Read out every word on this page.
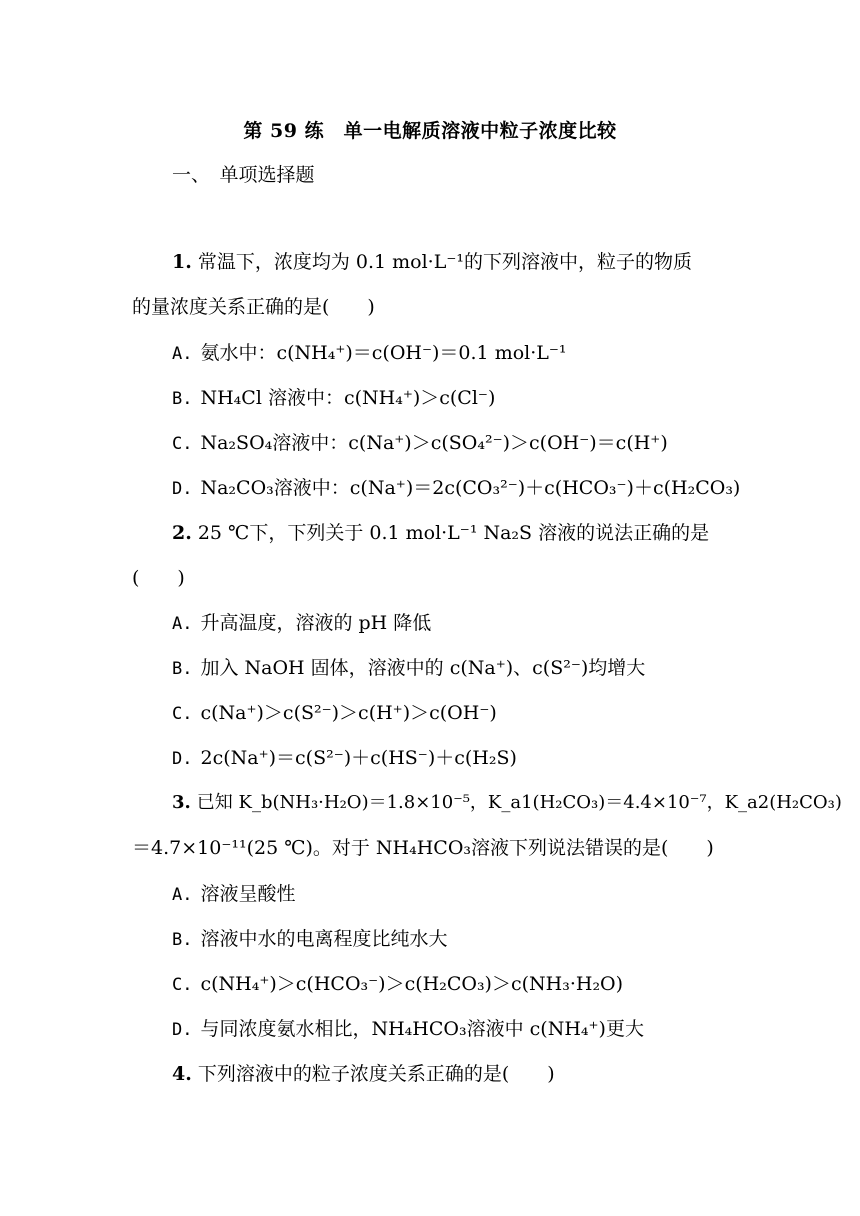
第 59 练　单一电解质溶液中粒子浓度比较
一、　单项选择题
1. 常温下，浓度均为 0.1 mol·L⁻¹的下列溶液中，粒子的物质
的量浓度关系正确的是(　　)
A. 氨水中：c(NH₄⁺)＝c(OH⁻)＝0.1 mol·L⁻¹
B. NH₄Cl 溶液中：c(NH₄⁺)＞c(Cl⁻)
C. Na₂SO₄溶液中：c(Na⁺)＞c(SO₄²⁻)＞c(OH⁻)＝c(H⁺)
D. Na₂CO₃溶液中：c(Na⁺)＝2c(CO₃²⁻)＋c(HCO₃⁻)＋c(H₂CO₃)
2. 25 ℃下，下列关于 0.1 mol·L⁻¹ Na₂S 溶液的说法正确的是
(　　)
A. 升高温度，溶液的 pH 降低
B. 加入 NaOH 固体，溶液中的 c(Na⁺)、c(S²⁻)均增大
C. c(Na⁺)＞c(S²⁻)＞c(H⁺)＞c(OH⁻)
D. 2c(Na⁺)＝c(S²⁻)＋c(HS⁻)＋c(H₂S)
3. 已知 K_b(NH₃·H₂O)＝1.8×10⁻⁵，K_a1(H₂CO₃)＝4.4×10⁻⁷，K_a2(H₂CO₃)
＝4.7×10⁻¹¹(25 ℃)。对于 NH₄HCO₃溶液下列说法错误的是(　　)
A. 溶液呈酸性
B. 溶液中水的电离程度比纯水大
C. c(NH₄⁺)＞c(HCO₃⁻)＞c(H₂CO₃)＞c(NH₃·H₂O)
D. 与同浓度氨水相比，NH₄HCO₃溶液中 c(NH₄⁺)更大
4. 下列溶液中的粒子浓度关系正确的是(　　)
